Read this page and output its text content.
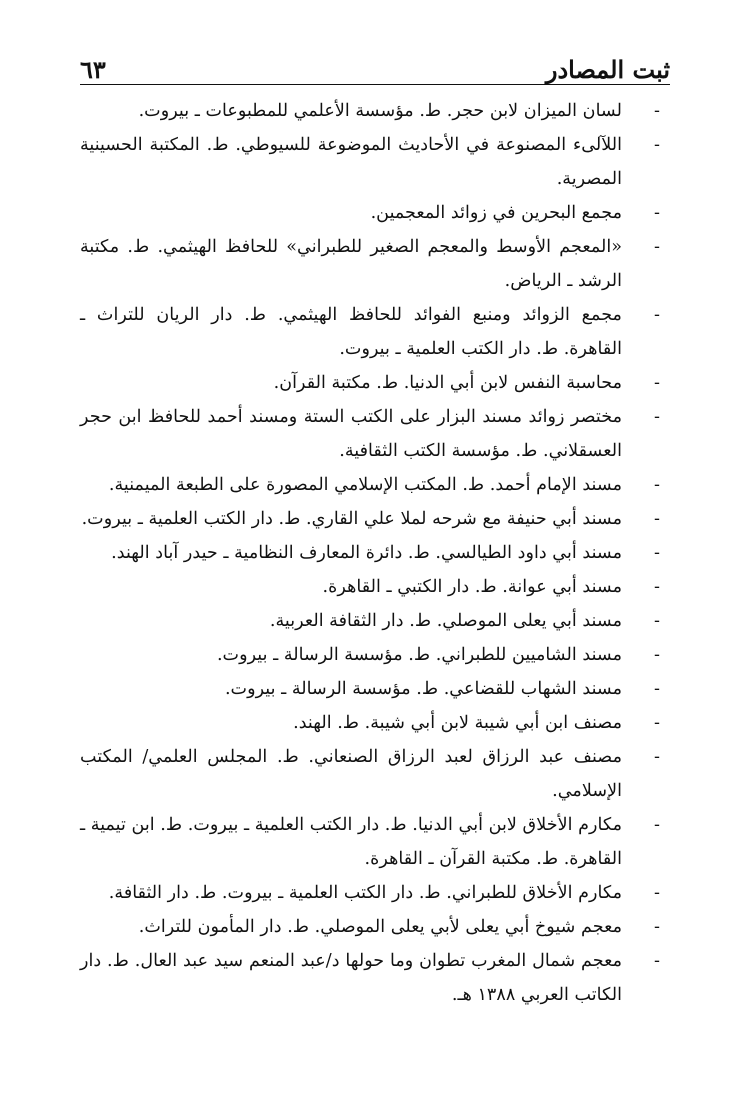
ثبت المصادر
٦٣
-
لسان الميزان لابن حجر. ط. مؤسسة الأعلمي للمطبوعات ـ بيروت.
-
اللآلىء المصنوعة في الأحاديث الموضوعة للسيوطي. ط. المكتبة الحسينية المصرية.
-
مجمع البحرين في زوائد المعجمين.
-
«المعجم الأوسط والمعجم الصغير للطبراني» للحافظ الهيثمي. ط. مكتبة الرشد ـ الرياض.
-
مجمع الزوائد ومنبع الفوائد للحافظ الهيثمي. ط. دار الريان للتراث ـ القاهرة. ط. دار الكتب العلمية ـ بيروت.
-
محاسبة النفس لابن أبي الدنيا. ط. مكتبة القرآن.
-
مختصر زوائد مسند البزار على الكتب الستة ومسند أحمد للحافظ ابن حجر العسقلاني. ط. مؤسسة الكتب الثقافية.
-
مسند الإمام أحمد. ط. المكتب الإسلامي المصورة على الطبعة الميمنية.
-
مسند أبي حنيفة مع شرحه لملا علي القاري. ط. دار الكتب العلمية ـ بيروت.
-
مسند أبي داود الطيالسي. ط. دائرة المعارف النظامية ـ حيدر آباد الهند.
-
مسند أبي عوانة. ط. دار الكتبي ـ القاهرة.
-
مسند أبي يعلى الموصلي. ط. دار الثقافة العربية.
-
مسند الشاميين للطبراني. ط. مؤسسة الرسالة ـ بيروت.
-
مسند الشهاب للقضاعي. ط. مؤسسة الرسالة ـ بيروت.
-
مصنف ابن أبي شيبة لابن أبي شيبة. ط. الهند.
-
مصنف عبد الرزاق لعبد الرزاق الصنعاني. ط. المجلس العلمي/ المكتب الإسلامي.
-
مكارم الأخلاق لابن أبي الدنيا. ط. دار الكتب العلمية ـ بيروت. ط. ابن تيمية ـ القاهرة. ط. مكتبة القرآن ـ القاهرة.
-
مكارم الأخلاق للطبراني. ط. دار الكتب العلمية ـ بيروت. ط. دار الثقافة.
-
معجم شيوخ أبي يعلى لأبي يعلى الموصلي. ط. دار المأمون للتراث.
-
معجم شمال المغرب تطوان وما حولها د/عبد المنعم سيد عبد العال. ط. دار الكاتب العربي ١٣٨٨ هـ.
